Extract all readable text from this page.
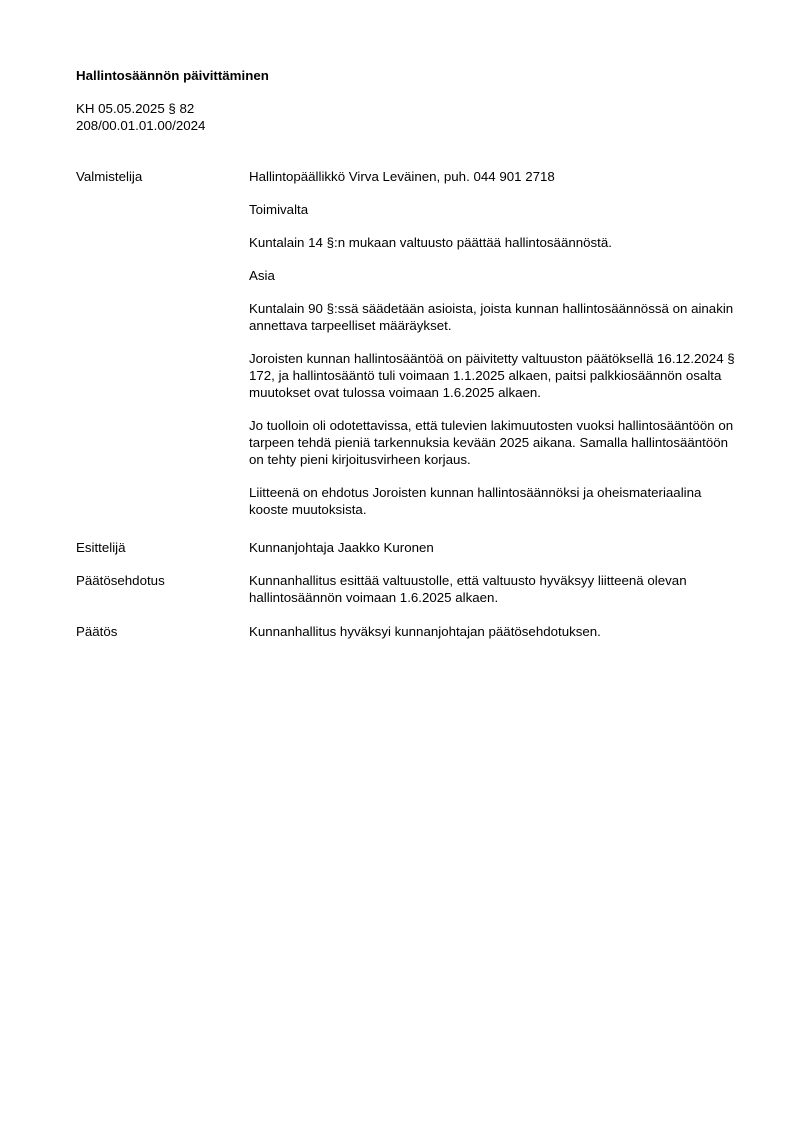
Hallintosäännön päivittäminen
KH 05.05.2025 § 82
208/00.01.01.00/2024
Valmistelija	Hallintopäällikkö Virva Leväinen, puh. 044 901 2718

Toimivalta

Kuntalain 14 §:n mukaan valtuusto päättää hallintosäännöstä.

Asia

Kuntalain 90 §:ssä säädetään asioista, joista kunnan hallintosäännössä on ainakin annettava tarpeelliset määräykset.

Joroisten kunnan hallintosääntöä on päivitetty valtuuston päätöksellä 16.12.2024 § 172, ja hallintosääntö tuli voimaan 1.1.2025 alkaen, paitsi palkkiosäännön osalta muutokset ovat tulossa voimaan 1.6.2025 alkaen.

Jo tuolloin oli odotettavissa, että tulevien lakimuutosten vuoksi hallintosääntöön on tarpeen tehdä pieniä tarkennuksia kevään 2025 aikana. Samalla hallintosääntöön on tehty pieni kirjoitusvirheen korjaus.

Liitteenä on ehdotus Joroisten kunnan hallintosäännöksi ja oheismateriaalina kooste muutoksista.

Esittelijä	Kunnanjohtaja Jaakko Kuronen
Päätösehdotus	Kunnanhallitus esittää valtuustolle, että valtuusto hyväksyy liitteenä olevan hallintosäännön voimaan 1.6.2025 alkaen.
Päätös	Kunnanhallitus hyväksyi kunnanjohtajan päätösehdotuksen.
